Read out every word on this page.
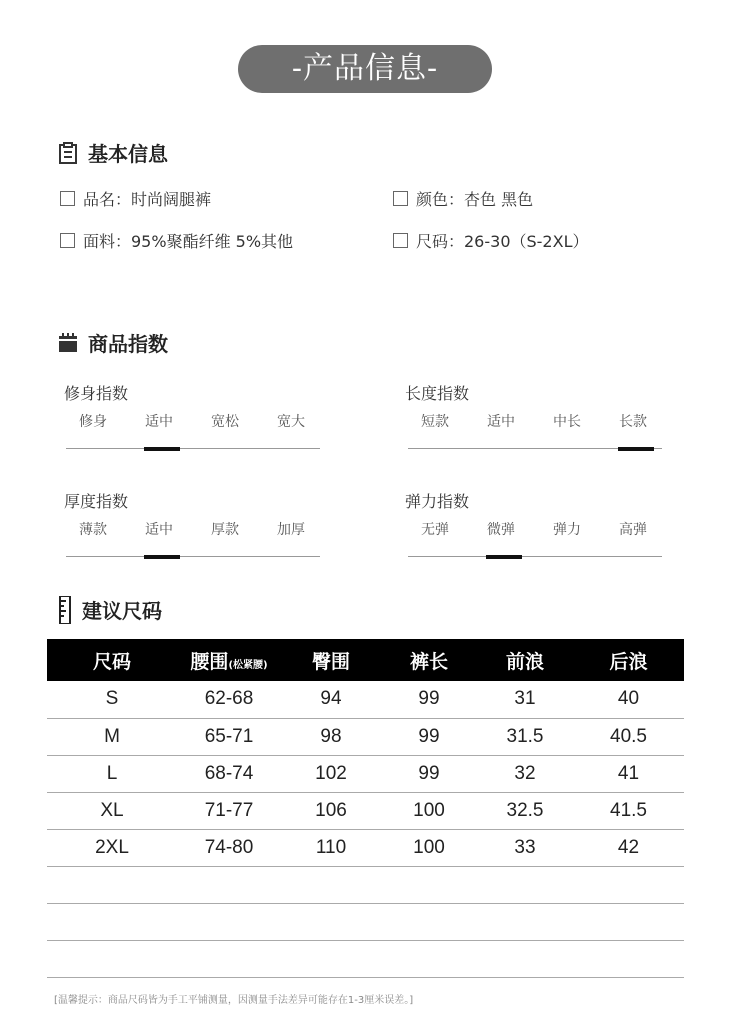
-产品信息-
基本信息
品名：时尚阔腿裤	颜色：杏色 黑色
面料：95%聚酯纤维 5%其他	尺码：26-30（S-2XL）
商品指数
修身指数
修身	适中	宽松	宽大
长度指数
短款	适中	中长	长款
厚度指数
薄款	适中	厚款	加厚
弹力指数
无弹	微弹	弹力	高弹
建议尺码
尺码	腰围(松紧腰)	臀围	裤长	前浪	后浪
S	62-68	94	99	31	40
M	65-71	98	99	31.5	40.5
L	68-74	102	99	32	41
XL	71-77	106	100	32.5	41.5
2XL	74-80	110	100	33	42

[温馨提示：商品尺码皆为手工平铺测量，因测量手法差异可能存在1-3厘米误差。]
